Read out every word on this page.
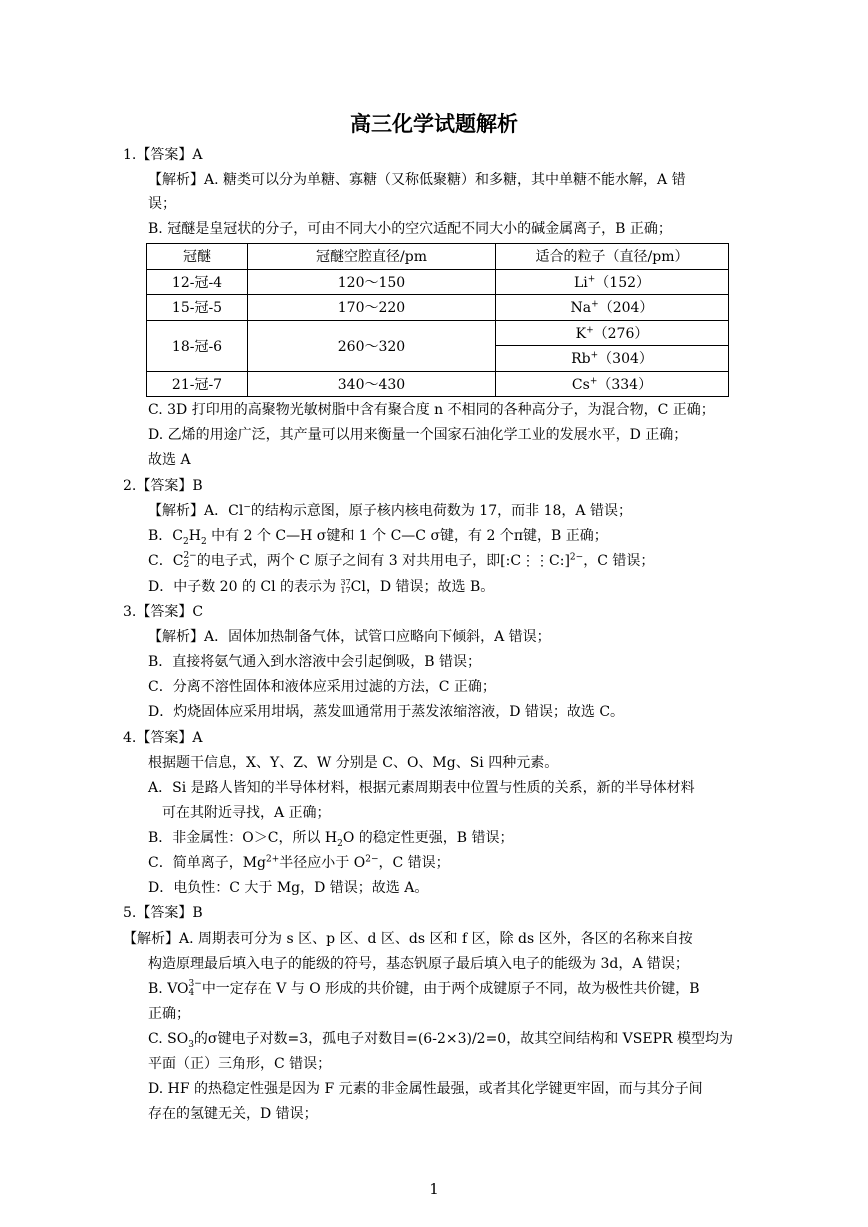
高三化学试题解析
1.【答案】A
【解析】A. 糖类可以分为单糖、寡糖（又称低聚糖）和多糖，其中单糖不能水解，A 错
误；
B. 冠醚是皇冠状的分子，可由不同大小的空穴适配不同大小的碱金属离子，B 正确；
冠醚	冠醚空腔直径/pm	适合的粒子（直径/pm）
12-冠-4	120～150	Li+（152）
15-冠-5	170～220	Na+（204）
18-冠-6	260～320	K+（276）
		Rb+（304）
21-冠-7	340～430	Cs+（334）
C. 3D 打印用的高聚物光敏树脂中含有聚合度 n 不相同的各种高分子，为混合物，C 正确；
D. 乙烯的用途广泛，其产量可以用来衡量一个国家石油化学工业的发展水平，D 正确；
故选 A
2.【答案】B
【解析】A．Cl−的结构示意图，原子核内核电荷数为 17，而非 18，A 错误；
B．$C_2H_2$ 中有 2 个 C—H σ键和 1 个 C—C σ键，有 2 个π键，B 正确；
C．C 2−
2 的电子式，两个 C 原子之间有 3 对共用电子，即[:C⋮⋮C:]$^{2-}$，C 错误；
D．中子数 20 的 Cl 的表示为 37
17 Cl，D 错误；故选 B。
3.【答案】C
【解析】A．固体加热制备气体，试管口应略向下倾斜，A 错误；
B．直接将氨气通入到水溶液中会引起倒吸，B 错误；
C．分离不溶性固体和液体应采用过滤的方法，C 正确；
D．灼烧固体应采用坩埚，蒸发皿通常用于蒸发浓缩溶液，D 错误；故选 C。
4.【答案】A
根据题干信息，X、Y、Z、W 分别是 C、O、Mg、Si 四种元素。
A．Si 是路人皆知的半导体材料，根据元素周期表中位置与性质的关系，新的半导体材料
可在其附近寻找，A 正确；
B．非金属性：O＞C，所以 $H_2O$ 的稳定性更强，B 错误；
C．简单离子，$Mg^{2+}$半径应小于 $O^{2-}$，C 错误；
D．电负性：C 大于 Mg，D 错误；故选 A。
5.【答案】B
【解析】A. 周期表可分为 s 区、p 区、d 区、ds 区和 f 区，除 ds 区外，各区的名称来自按
构造原理最后填入电子的能级的符号，基态钒原子最后填入电子的能级为 3d，A 错误；
B. VO 3−
4 中一定存在 V 与 O 形成的共价键，由于两个成键原子不同，故为极性共价键，B
正确；
C. $SO_3$的σ键电子对数=3，孤电子对数目=(6-2×3)/2=0，故其空间结构和 VSEPR 模型均为
平面（正）三角形，C 错误；
D. HF 的热稳定性强是因为 F 元素的非金属性最强，或者其化学键更牢固，而与其分子间
存在的氢键无关，D 错误；
1
